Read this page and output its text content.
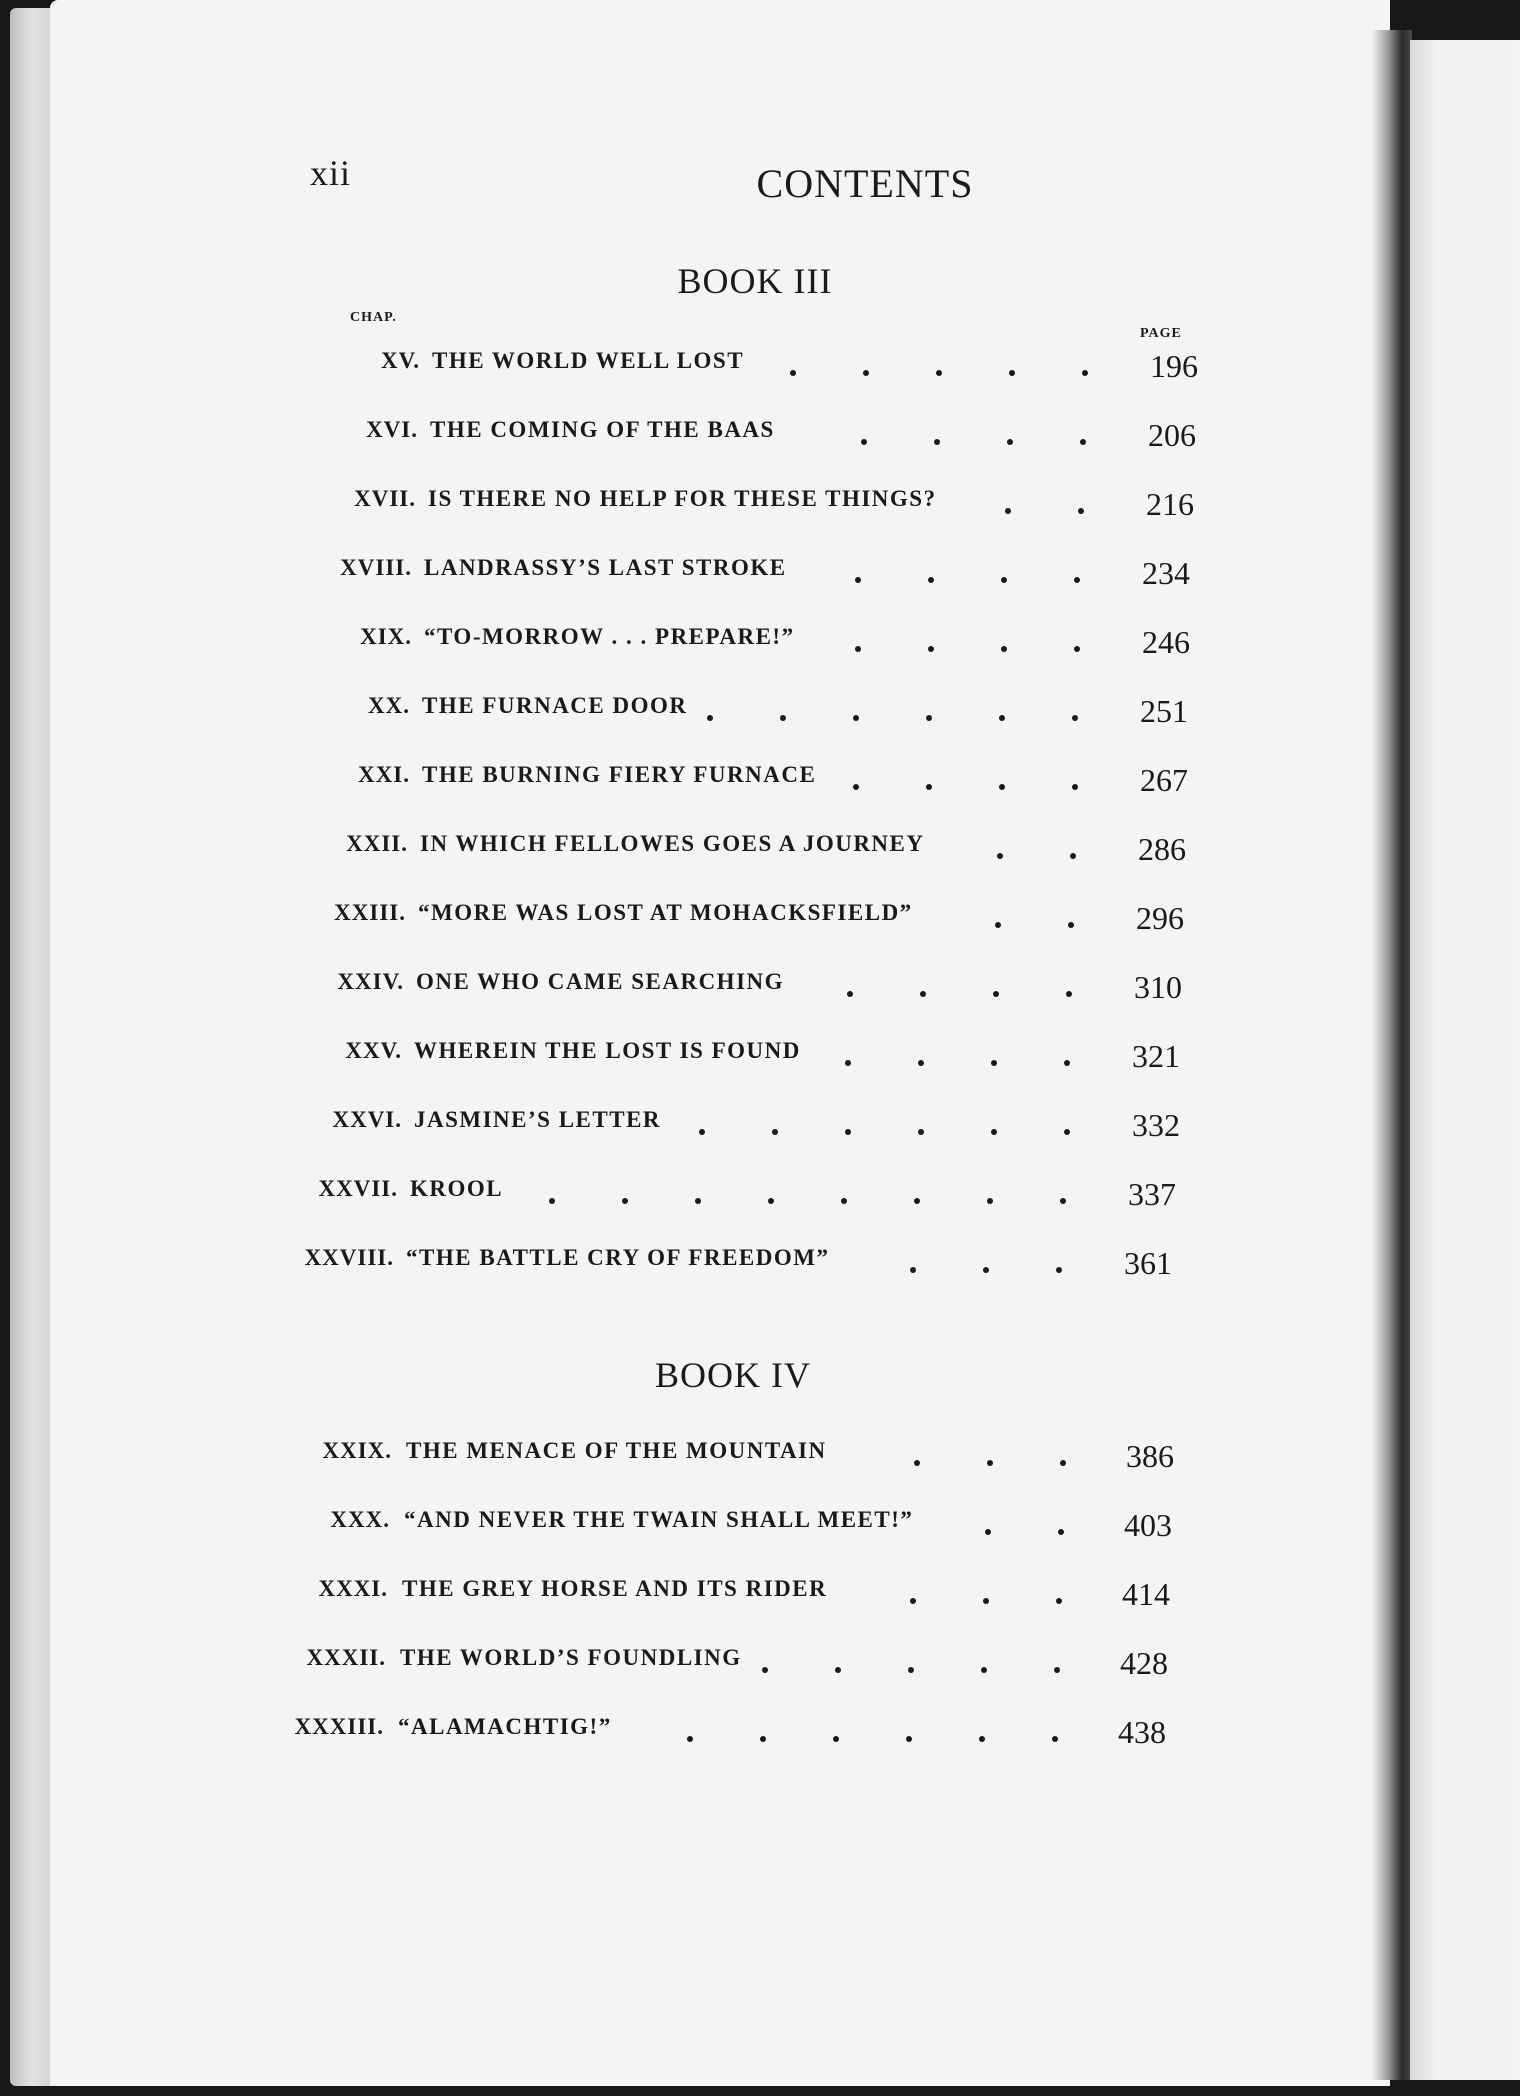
xii	CONTENTS
BOOK III
CHAP.
PAGE
XV. THE WORLD WELL LOST	196
XVI. THE COMING OF THE BAAS	206
XVII. IS THERE NO HELP FOR THESE THINGS?	216
XVIII. LANDRASSY’S LAST STROKE	234
XIX. “TO-MORROW . . . PREPARE!”	246
XX. THE FURNACE DOOR	251
XXI. THE BURNING FIERY FURNACE	267
XXII. IN WHICH FELLOWES GOES A JOURNEY	286
XXIII. “MORE WAS LOST AT MOHACKSFIELD”	296
XXIV. ONE WHO CAME SEARCHING	310
XXV. WHEREIN THE LOST IS FOUND	321
XXVI. JASMINE’S LETTER	332
XXVII. KROOL	337
XXVIII. “THE BATTLE CRY OF FREEDOM”	361
BOOK IV
XXIX. THE MENACE OF THE MOUNTAIN	386
XXX. “AND NEVER THE TWAIN SHALL MEET!”	403
XXXI. THE GREY HORSE AND ITS RIDER	414
XXXII. THE WORLD’S FOUNDLING	428
XXXIII. “ALAMACHTIG!”	438
